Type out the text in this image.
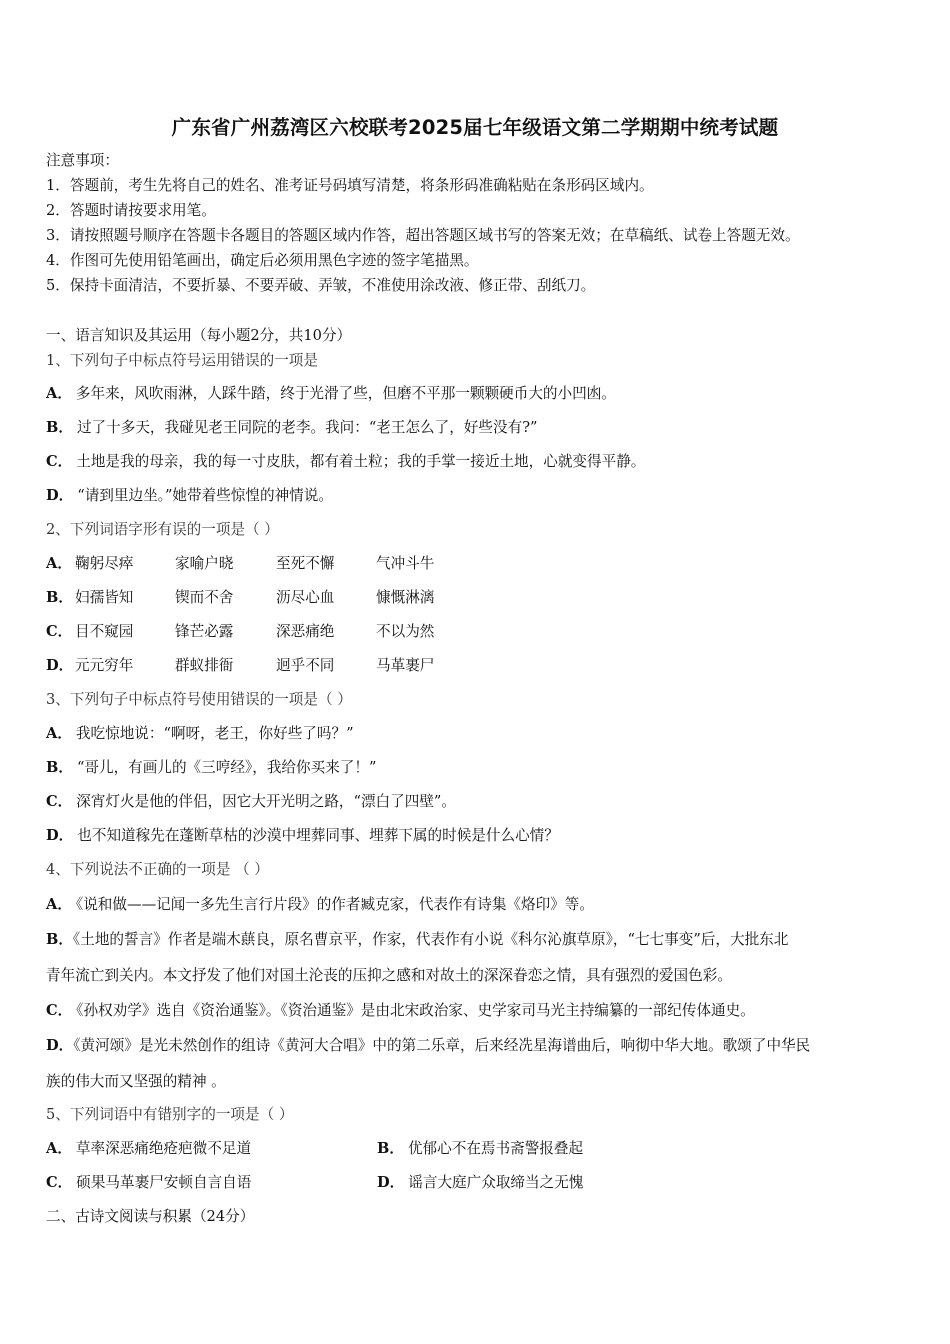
广东省广州荔湾区六校联考2025届七年级语文第二学期期中统考试题
注意事项：
1．答题前，考生先将自己的姓名、准考证号码填写清楚，将条形码准确粘贴在条形码区域内。
2．答题时请按要求用笔。
3．请按照题号顺序在答题卡各题目的答题区域内作答，超出答题区域书写的答案无效；在草稿纸、试卷上答题无效。
4．作图可先使用铅笔画出，确定后必须用黑色字迹的签字笔描黑。
5．保持卡面清洁，不要折暴、不要弄破、弄皱，不准使用涂改液、修正带、刮纸刀。
一、语言知识及其运用（每小题2分，共10分）
1、下列句子中标点符号运用错误的一项是
A． 多年来，风吹雨淋，人踩牛踏，终于光滑了些，但磨不平那一颗颗硬币大的小凹凼。
B． 过了十多天，我碰见老王同院的老李。我问：“老王怎么了，好些没有?”
C． 土地是我的母亲，我的每一寸皮肤，都有着土粒；我的手掌一接近土地，心就变得平静。
D． “请到里边坐。”她带着些惊惶的神情说。
2、下列词语字形有误的一项是（ ）
A． 鞠躬尽瘁	家喻户晓	至死不懈	气冲斗牛
B． 妇孺皆知	锲而不舍	沥尽心血	慷慨淋漓
C． 目不窥园	锋芒必露	深恶痛绝	不以为然
D． 元元穷年	群蚁排衙	迥乎不同	马革裹尸
3、下列句子中标点符号使用错误的一项是（ ）
A． 我吃惊地说：“啊呀，老王，你好些了吗？”
B． “哥儿，有画儿的《三哼经》，我给你买来了！”
C． 深宵灯火是他的伴侣，因它大开光明之路，“漂白了四壁”。
D． 也不知道稼先在蓬断草枯的沙漠中埋葬同事、埋葬下属的时候是什么心情？
4、下列说法不正确的一项是 （ ）
A． 《说和做——记闻一多先生言行片段》的作者臧克家，代表作有诗集《烙印》等。
B．《土地的誓言》作者是端木蕻良，原名曹京平，作家，代表作有小说《科尔沁旗草原》，“七七事变”后，大批东北
青年流亡到关内。本文抒发了他们对国土沦丧的压抑之感和对故土的深深眷恋之情，具有强烈的爱国色彩。
C． 《孙权劝学》选自《资治通鉴》。《资治通鉴》是由北宋政治家、史学家司马光主持编纂的一部纪传体通史。
D．《黄河颂》是光未然创作的组诗《黄河大合唱》中的第二乐章，后来经冼星海谱曲后，响彻中华大地。歌颂了中华民
族的伟大而又坚强的精神 。
5、下列词语中有错别字的一项是（ ）
A． 草率深恶痛绝疮疤微不足道	B． 优郁心不在焉书斋警报叠起
C． 硕果马革裹尸安顿自言自语	D． 谣言大庭广众取缔当之无愧
二、古诗文阅读与积累（24分）
